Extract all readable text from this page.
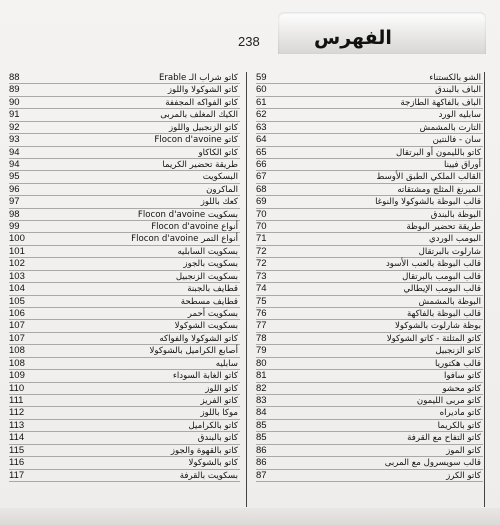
238	الفهرس
88	كاتو شراب الـ Erable
89	كاتو الشوكولا واللوز
90	كاتو الفواكه المجففة
91	الكيك المغلف بالمربى
92	كاتو الزنجبيل واللوز
93	كاتو Flocon d'avoine
94	كاتو الكاكاو
94	طريقة تحضير الكريما
95	البسكويت
96	الماكرون
97	كعك باللوز
98	بسكويت Flocon d'avoine
99	أنواع Flocon d'avoine
100	أنواع التمر Flocon d'avoine
101	بسكويت السابليه
102	بسكويت بالجوز
103	بسكويت الزنجبيل
104	قطايف بالجبنة
105	قطايف مسطحة
106	بسكويت أحمر
107	بسكويت الشوكولا
107	كاتو الشوكولا والفواكه
108	أصابع الكراميل بالشوكولا
108	سابليه
109	كاتو الغابة السوداء
110	كاتو اللوز
111	كاتو الفريز
112	موكا باللوز
113	كاتو بالكراميل
114	كاتو بالبندق
115	كاتو بالقهوة والجوز
116	كاتو بالشوكولا
117	بسكويت بالقرفة
59	الشو بالكستناء
60	الباف بالبندق
61	الباف بالفاكهة الطازجة
62	سابليه الورد
63	التارت بالمشمش
64	سان - فالنتين
65	كاتو بالليمون أو البرتقال
66	أوراق فيينا
67	القالب الملكي الطبق الأوسط
68	الميرنغ المثلج ومشتقاته
69	قالب البوظة بالشوكولا والنوغا
70	البوظة بالبندق
70	طريقة تحضير البوظة
71	البومب الوردي
72	شارلوت بالبرتقال
72	قالب البوظة بالعنب الأسود
73	قالب البومب بالبرتقال
74	قالب البومب الإيطالي
75	البوظة بالمشمش
76	قالب البوظة بالفاكهة
77	بوظة شارلوت بالشوكولا
78	كاتو المثلثة - كاتو الشوكولا
79	كاتو الزنجبيل
80	قالب هكتوريا
81	كاتو سافوا
82	كاتو محشو
83	كاتو مربى الليمون
84	كاتو ماديراه
85	كاتو بالكريما
85	كاتو التفاح مع القرفة
86	كاتو الموز
86	قالب سويسرول مع المربى
87	كاتو الكرز
